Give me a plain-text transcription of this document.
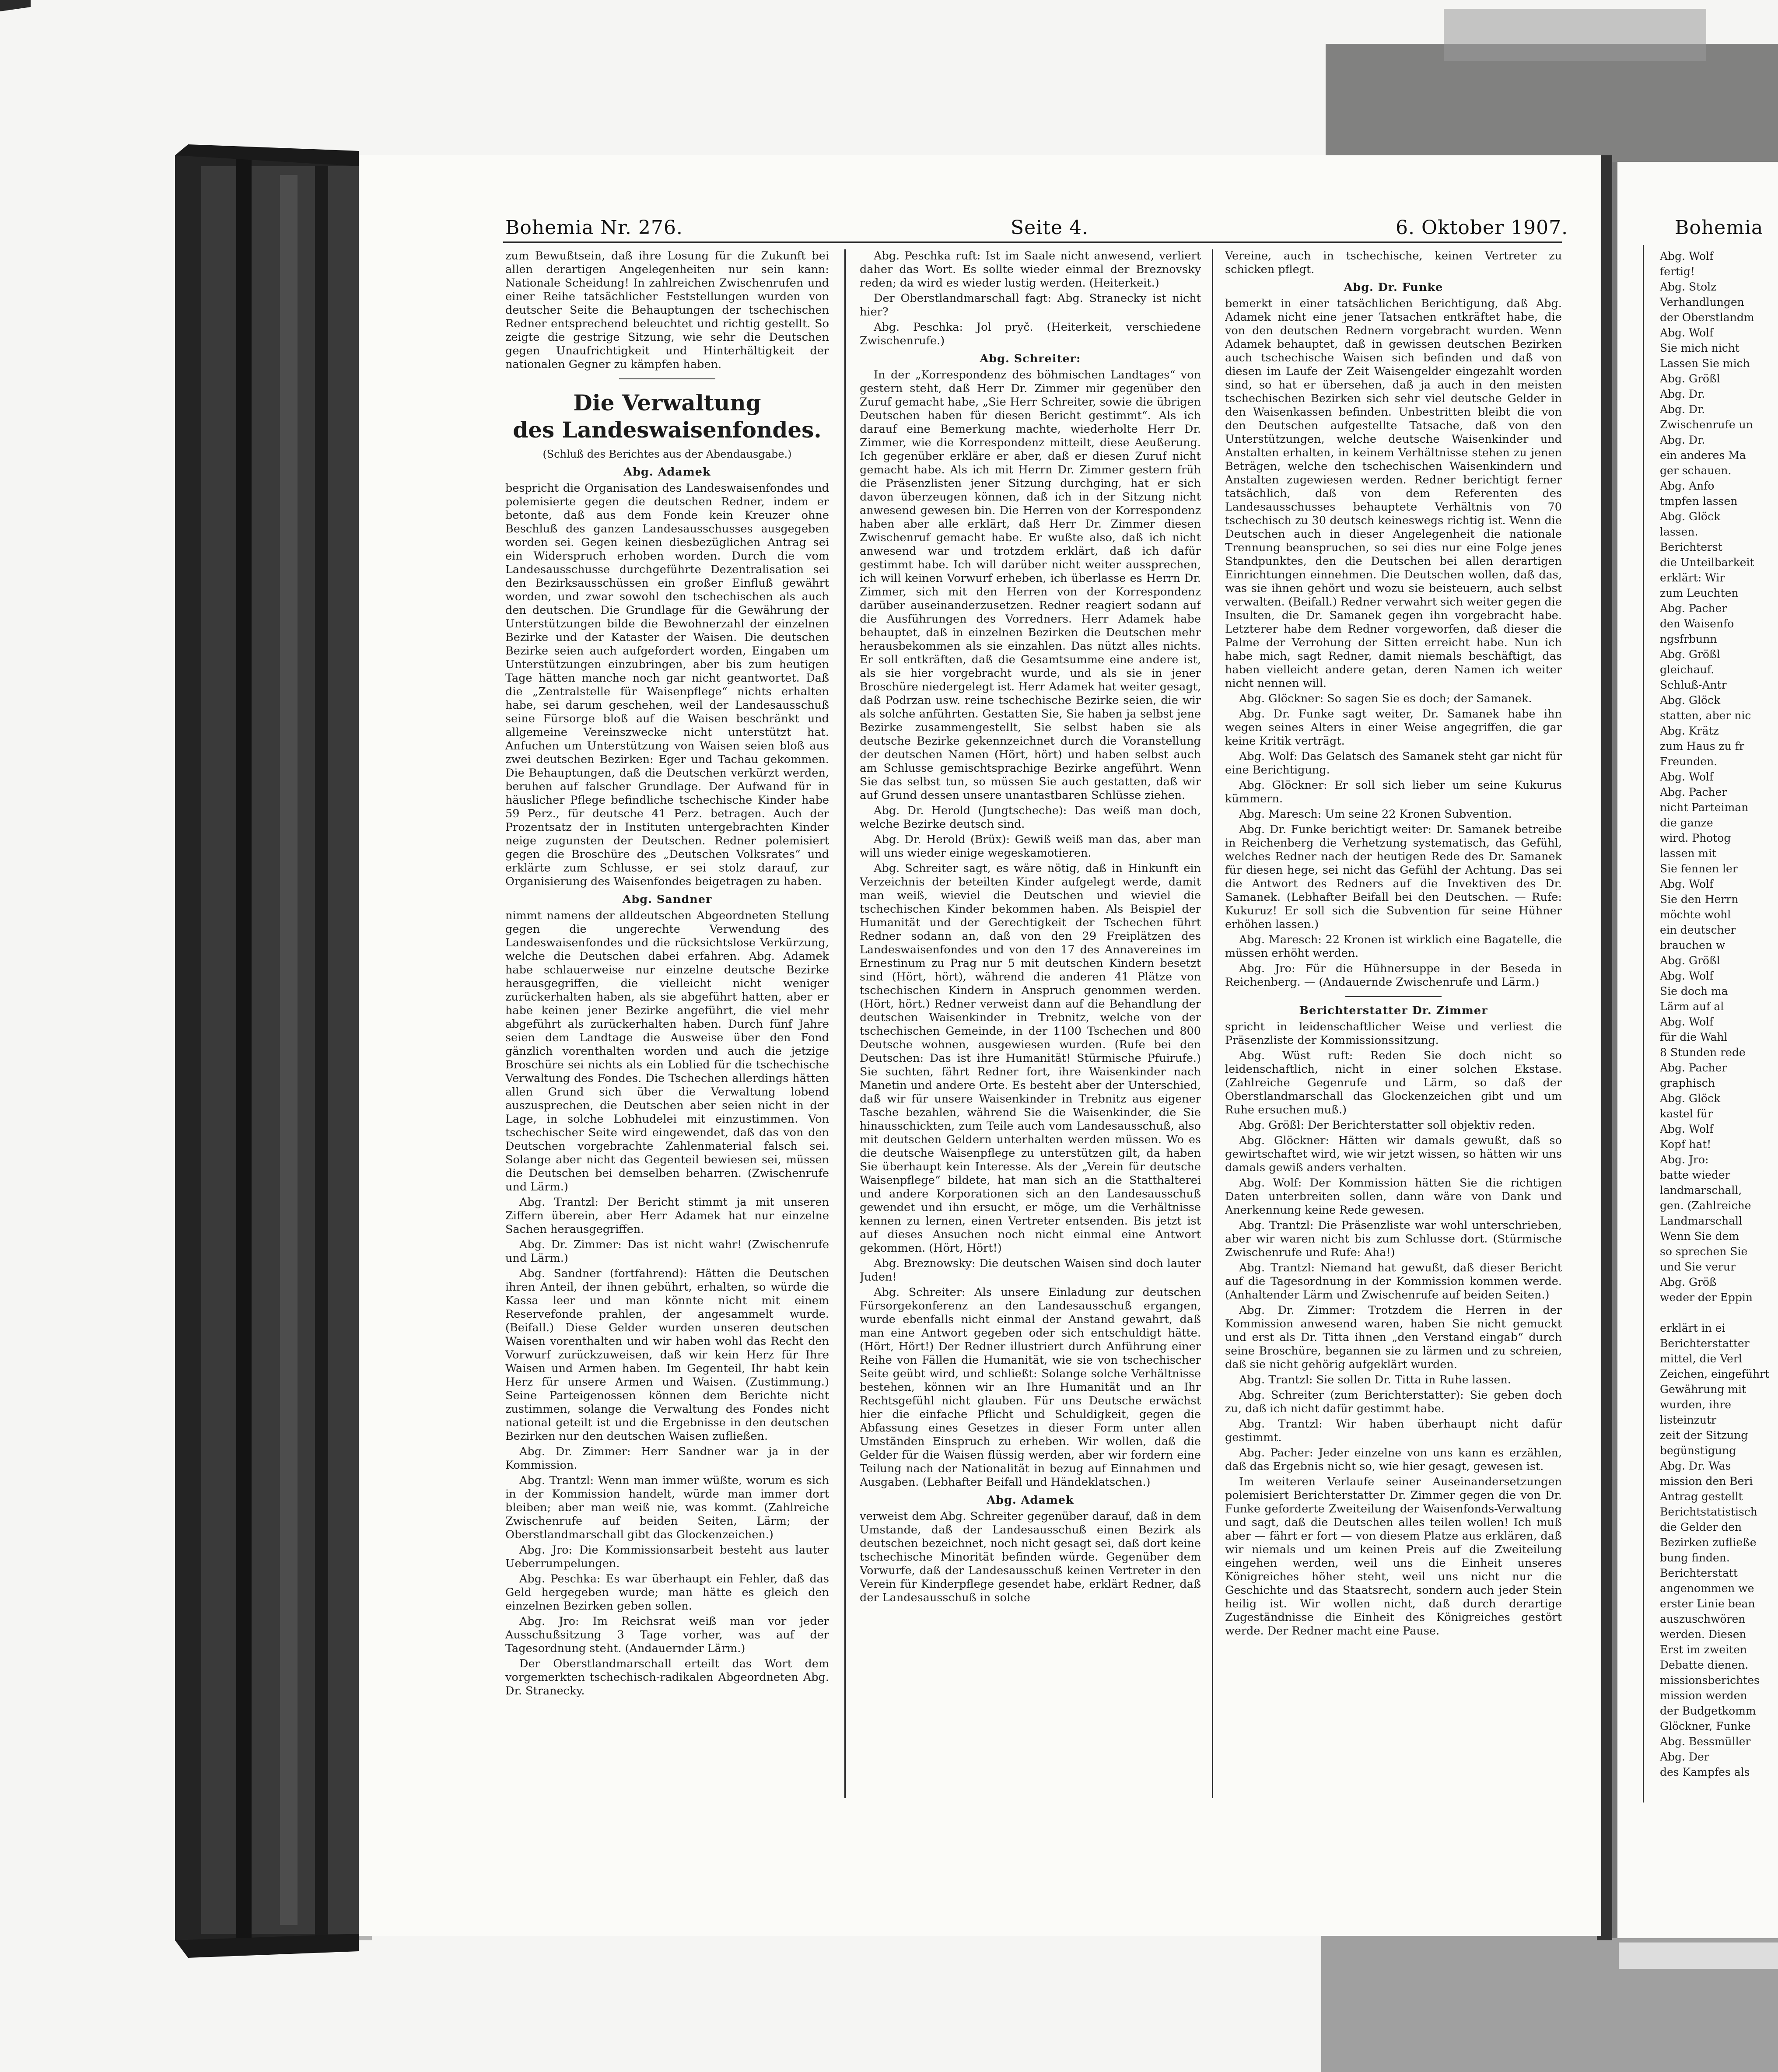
Bohemia Nr. 276.	Seite 4.	6. Oktober 1907.	Bohemia

zum Bewußtsein, daß ihre Losung für die Zukunft bei allen derartigen Angelegenheiten nur sein kann: Nationale Scheidung! In zahlreichen Zwischenrufen und einer Reihe tatsächlicher Feststellungen wurden von deutscher Seite die Behauptungen der tschechischen Redner entsprechend beleuchtet und richtig gestellt. So zeigte die gestrige Sitzung, wie sehr die Deutschen gegen Unaufrichtigkeit und Hinterhältigkeit der nationalen Gegner zu kämpfen haben.

Die Verwaltung
des Landeswaisenfondes.
(Schluß des Berichtes aus der Abendausgabe.)
Abg. Adamek

bespricht die Organisation des Landeswaisenfondes und polemisierte gegen die deutschen Redner, indem er betonte, daß aus dem Fonde kein Kreuzer ohne Beschluß des ganzen Landesausschusses ausgegeben worden sei. Gegen keinen diesbezüglichen Antrag sei ein Widerspruch erhoben worden. Durch die vom Landesausschusse durchgeführte Dezentralisation sei den Bezirksausschüssen ein großer Einfluß gewährt worden, und zwar sowohl den tschechischen als auch den deutschen. Die Grundlage für die Gewährung der Unterstützungen bilde die Bewohnerzahl der einzelnen Bezirke und der Kataster der Waisen. Die deutschen Bezirke seien auch aufgefordert worden, Eingaben um Unterstützungen einzubringen, aber bis zum heutigen Tage hätten manche noch gar nicht geantwortet. Daß die „Zentralstelle für Waisenpflege“ nichts erhalten habe, sei darum geschehen, weil der Landesausschuß seine Fürsorge bloß auf die Waisen beschränkt und allgemeine Vereinszwecke nicht unterstützt hat. Anfuchen um Unterstützung von Waisen seien bloß aus zwei deutschen Bezirken: Eger und Tachau gekommen. Die Behauptungen, daß die Deutschen verkürzt werden, beruhen auf falscher Grundlage. Der Aufwand für in häuslicher Pflege befindliche tschechische Kinder habe 59 Perz., für deutsche 41 Perz. betragen. Auch der Prozentsatz der in Instituten untergebrachten Kinder neige zugunsten der Deutschen. Redner polemisiert gegen die Broschüre des „Deutschen Volksrates“ und erklärte zum Schlusse, er sei stolz darauf, zur Organisierung des Waisenfondes beigetragen zu haben.

Abg. Sandner

nimmt namens der alldeutschen Abgeordneten Stellung gegen die ungerechte Verwendung des Landeswaisenfondes und die rücksichtslose Verkürzung, welche die Deutschen dabei erfahren. Abg. Adamek habe schlauerweise nur einzelne deutsche Bezirke herausgegriffen, die vielleicht nicht weniger zurückerhalten haben, als sie abgeführt hatten, aber er habe keinen jener Bezirke angeführt, die viel mehr abgeführt als zurückerhalten haben. Durch fünf Jahre seien dem Landtage die Ausweise über den Fond gänzlich vorenthalten worden und auch die jetzige Broschüre sei nichts als ein Loblied für die tschechische Verwaltung des Fondes. Die Tschechen allerdings hätten allen Grund sich über die Verwaltung lobend auszusprechen, die Deutschen aber seien nicht in der Lage, in solche Lobhudelei mit einzustimmen. Von tschechischer Seite wird eingewendet, daß das von den Deutschen vorgebrachte Zahlenmaterial falsch sei. Solange aber nicht das Gegenteil bewiesen sei, müssen die Deutschen bei demselben beharren. (Zwischenrufe und Lärm.)

Abg. Trantzl: Der Bericht stimmt ja mit unseren Ziffern überein, aber Herr Adamek hat nur einzelne Sachen herausgegriffen.

Abg. Dr. Zimmer: Das ist nicht wahr! (Zwischenrufe und Lärm.)

Abg. Sandner (fortfahrend): Hätten die Deutschen ihren Anteil, der ihnen gebührt, erhalten, so würde die Kassa leer und man könnte nicht mit einem Reservefonde prahlen, der angesammelt wurde. (Beifall.) Diese Gelder wurden unseren deutschen Waisen vorenthalten und wir haben wohl das Recht den Vorwurf zurückzuweisen, daß wir kein Herz für Ihre Waisen und Armen haben. Im Gegenteil, Ihr habt kein Herz für unsere Armen und Waisen. (Zustimmung.) Seine Parteigenossen können dem Berichte nicht zustimmen, solange die Verwaltung des Fondes nicht national geteilt ist und die Ergebnisse in den deutschen Bezirken nur den deutschen Waisen zufließen.

Abg. Dr. Zimmer: Herr Sandner war ja in der Kommission.

Abg. Trantzl: Wenn man immer wüßte, worum es sich in der Kommission handelt, würde man immer dort bleiben; aber man weiß nie, was kommt. (Zahlreiche Zwischenrufe auf beiden Seiten, Lärm; der Oberstlandmarschall gibt das Glockenzeichen.)

Abg. Jro: Die Kommissionsarbeit besteht aus lauter Ueberrumpelungen.

Abg. Peschka: Es war überhaupt ein Fehler, daß das Geld hergegeben wurde; man hätte es gleich den einzelnen Bezirken geben sollen.

Abg. Jro: Im Reichsrat weiß man vor jeder Ausschußsitzung 3 Tage vorher, was auf der Tagesordnung steht. (Andauernder Lärm.)

Der Oberstlandmarschall erteilt das Wort dem vorgemerkten tschechisch-radikalen Abgeordneten Abg. Dr. Stranecky.

Abg. Peschka ruft: Ist im Saale nicht anwesend, verliert daher das Wort. Es sollte wieder einmal der Breznovsky reden; da wird es wieder lustig werden. (Heiterkeit.)

Der Oberstlandmarschall fagt: Abg. Stranecky ist nicht hier?

Abg. Peschka: Jol pryč. (Heiterkeit, verschiedene Zwischenrufe.)

Abg. Schreiter:

In der „Korrespondenz des böhmischen Landtages“ von gestern steht, daß Herr Dr. Zimmer mir gegenüber den Zuruf gemacht habe, „Sie Herr Schreiter, sowie die übrigen Deutschen haben für diesen Bericht gestimmt“. Als ich darauf eine Bemerkung machte, wiederholte Herr Dr. Zimmer, wie die Korrespondenz mitteilt, diese Aeußerung. Ich gegenüber erkläre er aber, daß er diesen Zuruf nicht gemacht habe. Als ich mit Herrn Dr. Zimmer gestern früh die Präsenzlisten jener Sitzung durchging, hat er sich davon überzeugen können, daß ich in der Sitzung nicht anwesend gewesen bin. Die Herren von der Korrespondenz haben aber alle erklärt, daß Herr Dr. Zimmer diesen Zwischenruf gemacht habe. Er wußte also, daß ich nicht anwesend war und trotzdem erklärt, daß ich dafür gestimmt habe. Ich will darüber nicht weiter aussprechen, ich will keinen Vorwurf erheben, ich überlasse es Herrn Dr. Zimmer, sich mit den Herren von der Korrespondenz darüber auseinanderzusetzen. Redner reagiert sodann auf die Ausführungen des Vorredners. Herr Adamek habe behauptet, daß in einzelnen Bezirken die Deutschen mehr herausbekommen als sie einzahlen. Das nützt alles nichts. Er soll entkräften, daß die Gesamtsumme eine andere ist, als sie hier vorgebracht wurde, und als sie in jener Broschüre niedergelegt ist. Herr Adamek hat weiter gesagt, daß Podrzan usw. reine tschechische Bezirke seien, die wir als solche anführten. Gestatten Sie, Sie haben ja selbst jene Bezirke zusammengestellt, Sie selbst haben sie als deutsche Bezirke gekennzeichnet durch die Voranstellung der deutschen Namen (Hört, hört) und haben selbst auch am Schlusse gemischtsprachige Bezirke angeführt. Wenn Sie das selbst tun, so müssen Sie auch gestatten, daß wir auf Grund dessen unsere unantastbaren Schlüsse ziehen.

Abg. Dr. Herold (Jungtscheche): Das weiß man doch, welche Bezirke deutsch sind.

Abg. Dr. Herold (Brüx): Gewiß weiß man das, aber man will uns wieder einige wegeskamotieren.

Abg. Schreiter sagt, es wäre nötig, daß in Hinkunft ein Verzeichnis der beteilten Kinder aufgelegt werde, damit man weiß, wieviel die Deutschen und wieviel die tschechischen Kinder bekommen haben. Als Beispiel der Humanität und der Gerechtigkeit der Tschechen führt Redner sodann an, daß von den 29 Freiplätzen des Landeswaisenfondes und von den 17 des Annavereines im Ernestinum zu Prag nur 5 mit deutschen Kindern besetzt sind (Hört, hört), während die anderen 41 Plätze von tschechischen Kindern in Anspruch genommen werden. (Hört, hört.) Redner verweist dann auf die Behandlung der deutschen Waisenkinder in Trebnitz, welche von der tschechischen Gemeinde, in der 1100 Tschechen und 800 Deutsche wohnen, ausgewiesen wurden. (Rufe bei den Deutschen: Das ist ihre Humanität! Stürmische Pfuirufe.) Sie suchten, fährt Redner fort, ihre Waisenkinder nach Manetin und andere Orte. Es besteht aber der Unterschied, daß wir für unsere Waisenkinder in Trebnitz aus eigener Tasche bezahlen, während Sie die Waisenkinder, die Sie hinausschickten, zum Teile auch vom Landesausschuß, also mit deutschen Geldern unterhalten werden müssen. Wo es die deutsche Waisenpflege zu unterstützen gilt, da haben Sie überhaupt kein Interesse. Als der „Verein für deutsche Waisenpflege“ bildete, hat man sich an die Statthalterei und andere Korporationen sich an den Landesausschuß gewendet und ihn ersucht, er möge, um die Verhältnisse kennen zu lernen, einen Vertreter entsenden. Bis jetzt ist auf dieses Ansuchen noch nicht einmal eine Antwort gekommen. (Hört, Hört!)

Abg. Breznowsky: Die deutschen Waisen sind doch lauter Juden!

Abg. Schreiter: Als unsere Einladung zur deutschen Fürsorgekonferenz an den Landesausschuß ergangen, wurde ebenfalls nicht einmal der Anstand gewahrt, daß man eine Antwort gegeben oder sich entschuldigt hätte. (Hört, Hört!) Der Redner illustriert durch Anführung einer Reihe von Fällen die Humanität, wie sie von tschechischer Seite geübt wird, und schließt: Solange solche Verhältnisse bestehen, können wir an Ihre Humanität und an Ihr Rechtsgefühl nicht glauben. Für uns Deutsche erwächst hier die einfache Pflicht und Schuldigkeit, gegen die Abfassung eines Gesetzes in dieser Form unter allen Umständen Einspruch zu erheben. Wir wollen, daß die Gelder für die Waisen flüssig werden, aber wir fordern eine Teilung nach der Nationalität in bezug auf Einnahmen und Ausgaben. (Lebhafter Beifall und Händeklatschen.)

Abg. Adamek

verweist dem Abg. Schreiter gegenüber darauf, daß in dem Umstande, daß der Landesausschuß einen Bezirk als deutschen bezeichnet, noch nicht gesagt sei, daß dort keine tschechische Minorität befinden würde. Gegenüber dem Vorwurfe, daß der Landesausschuß keinen Vertreter in den Verein für Kinderpflege gesendet habe, erklärt Redner, daß der Landesausschuß in solche

Vereine, auch in tschechische, keinen Vertreter zu schicken pflegt.

Abg. Dr. Funke

bemerkt in einer tatsächlichen Berichtigung, daß Abg. Adamek nicht eine jener Tatsachen entkräftet habe, die von den deutschen Rednern vorgebracht wurden. Wenn Adamek behauptet, daß in gewissen deutschen Bezirken auch tschechische Waisen sich befinden und daß von diesen im Laufe der Zeit Waisengelder eingezahlt worden sind, so hat er übersehen, daß ja auch in den meisten tschechischen Bezirken sich sehr viel deutsche Gelder in den Waisenkassen befinden. Unbestritten bleibt die von den Deutschen aufgestellte Tatsache, daß von den Unterstützungen, welche deutsche Waisenkinder und Anstalten erhalten, in keinem Verhältnisse stehen zu jenen Beträgen, welche den tschechischen Waisenkindern und Anstalten zugewiesen werden. Redner berichtigt ferner tatsächlich, daß von dem Referenten des Landesausschusses behauptete Verhältnis von 70 tschechisch zu 30 deutsch keineswegs richtig ist. Wenn die Deutschen auch in dieser Angelegenheit die nationale Trennung beanspruchen, so sei dies nur eine Folge jenes Standpunktes, den die Deutschen bei allen derartigen Einrichtungen einnehmen. Die Deutschen wollen, daß das, was sie ihnen gehört und wozu sie beisteuern, auch selbst verwalten. (Beifall.) Redner verwahrt sich weiter gegen die Insulten, die Dr. Samanek gegen ihn vorgebracht habe. Letzterer habe dem Redner vorgeworfen, daß dieser die Palme der Verrohung der Sitten erreicht habe. Nun ich habe mich, sagt Redner, damit niemals beschäftigt, das haben vielleicht andere getan, deren Namen ich weiter nicht nennen will.

Abg. Glöckner: So sagen Sie es doch; der Samanek.

Abg. Dr. Funke sagt weiter, Dr. Samanek habe ihn wegen seines Alters in einer Weise angegriffen, die gar keine Kritik verträgt.

Abg. Wolf: Das Gelatsch des Samanek steht gar nicht für eine Berichtigung.

Abg. Glöckner: Er soll sich lieber um seine Kukurus kümmern.

Abg. Maresch: Um seine 22 Kronen Subvention.

Abg. Dr. Funke berichtigt weiter: Dr. Samanek betreibe in Reichenberg die Verhetzung systematisch, das Gefühl, welches Redner nach der heutigen Rede des Dr. Samanek für diesen hege, sei nicht das Gefühl der Achtung. Das sei die Antwort des Redners auf die Invektiven des Dr. Samanek. (Lebhafter Beifall bei den Deutschen. — Rufe: Kukuruz! Er soll sich die Subvention für seine Hühner erhöhen lassen.)

Abg. Maresch: 22 Kronen ist wirklich eine Bagatelle, die müssen erhöht werden.

Abg. Jro: Für die Hühnersuppe in der Beseda in Reichenberg. — (Andauernde Zwischenrufe und Lärm.)

Berichterstatter Dr. Zimmer

spricht in leidenschaftlicher Weise und verliest die Präsenzliste der Kommissionssitzung.

Abg. Wüst ruft: Reden Sie doch nicht so leidenschaftlich, nicht in einer solchen Ekstase. (Zahlreiche Gegenrufe und Lärm, so daß der Oberstlandmarschall das Glockenzeichen gibt und um Ruhe ersuchen muß.)

Abg. Größl: Der Berichterstatter soll objektiv reden.

Abg. Glöckner: Hätten wir damals gewußt, daß so gewirtschaftet wird, wie wir jetzt wissen, so hätten wir uns damals gewiß anders verhalten.

Abg. Wolf: Der Kommission hätten Sie die richtigen Daten unterbreiten sollen, dann wäre von Dank und Anerkennung keine Rede gewesen.

Abg. Trantzl: Die Präsenzliste war wohl unterschrieben, aber wir waren nicht bis zum Schlusse dort. (Stürmische Zwischenrufe und Rufe: Aha!)

Abg. Trantzl: Niemand hat gewußt, daß dieser Bericht auf die Tagesordnung in der Kommission kommen werde. (Anhaltender Lärm und Zwischenrufe auf beiden Seiten.)

Abg. Dr. Zimmer: Trotzdem die Herren in der Kommission anwesend waren, haben Sie nicht gemuckt und erst als Dr. Titta ihnen „den Verstand eingab“ durch seine Broschüre, begannen sie zu lärmen und zu schreien, daß sie nicht gehörig aufgeklärt wurden.

Abg. Trantzl: Sie sollen Dr. Titta in Ruhe lassen.

Abg. Schreiter (zum Berichterstatter): Sie geben doch zu, daß ich nicht dafür gestimmt habe.

Abg. Trantzl: Wir haben überhaupt nicht dafür gestimmt.

Abg. Pacher: Jeder einzelne von uns kann es erzählen, daß das Ergebnis nicht so, wie hier gesagt, gewesen ist.

Im weiteren Verlaufe seiner Auseinandersetzungen polemisiert Berichterstatter Dr. Zimmer gegen die von Dr. Funke geforderte Zweiteilung der Waisenfonds-Verwaltung und sagt, daß die Deutschen alles teilen wollen! Ich muß aber — fährt er fort — von diesem Platze aus erklären, daß wir niemals und um keinen Preis auf die Zweiteilung eingehen werden, weil uns die Einheit unseres Königreiches höher steht, weil uns nicht nur die Geschichte und das Staatsrecht, sondern auch jeder Stein heilig ist. Wir wollen nicht, daß durch derartige Zugeständnisse die Einheit des Königreiches gestört werde. Der Redner macht eine Pause.

Abg. Wolf

fertig!

Abg. Stolz

Verhandlungen

der Oberstlandm

Abg. Wolf

Sie mich nicht

Lassen Sie mich

Abg. Größl

Abg. Dr.

Abg. Dr.

Zwischenrufe un

Abg. Dr.

ein anderes Ma

ger schauen.

Abg. Anfo

tmpfen lassen

Abg. Glöck

lassen.

Berichterst

die Unteilbarkeit

erklärt: Wir

zum Leuchten

Abg. Pacher

den Waisenfo

ngsfrbunn

Abg. Größl

gleichauf.

Schluß-Antr

Abg. Glöck

statten, aber nic

Abg. Krätz

zum Haus zu fr

Freunden.

Abg. Wolf

Abg. Pacher

nicht Parteiman

die ganze

wird. Photog

lassen mit

Sie fennen ler

Abg. Wolf

Sie den Herrn

möchte wohl

ein deutscher

brauchen w

Abg. Größl

Abg. Wolf

Sie doch ma

Lärm auf al

Abg. Wolf

für die Wahl

8 Stunden rede

Abg. Pacher

graphisch

Abg. Glöck

kastel für

Abg. Wolf

Kopf hat!

Abg. Jro:

batte wieder

landmarschall,

gen. (Zahlreiche

Landmarschall

Wenn Sie dem

so sprechen Sie

und Sie verur

Abg. Größ

weder der Eppin

erklärt in ei

Berichterstatter

mittel, die Verl

Zeichen, eingeführt

Gewährung mit

wurden, ihre

listeinzutr

zeit der Sitzung

begünstigung

Abg. Dr. Was

mission den Beri

Antrag gestellt

Berichtstatistisch

die Gelder den

Bezirken zufließe

bung finden.

Berichterstatt

angenommen we

erster Linie bean

auszuschwören

werden. Diesen

Erst im zweiten

Debatte dienen.

missionsberichtes

mission werden

der Budgetkomm

Glöckner, Funke

Abg. Bessmüller

Abg. Der

des Kampfes als
